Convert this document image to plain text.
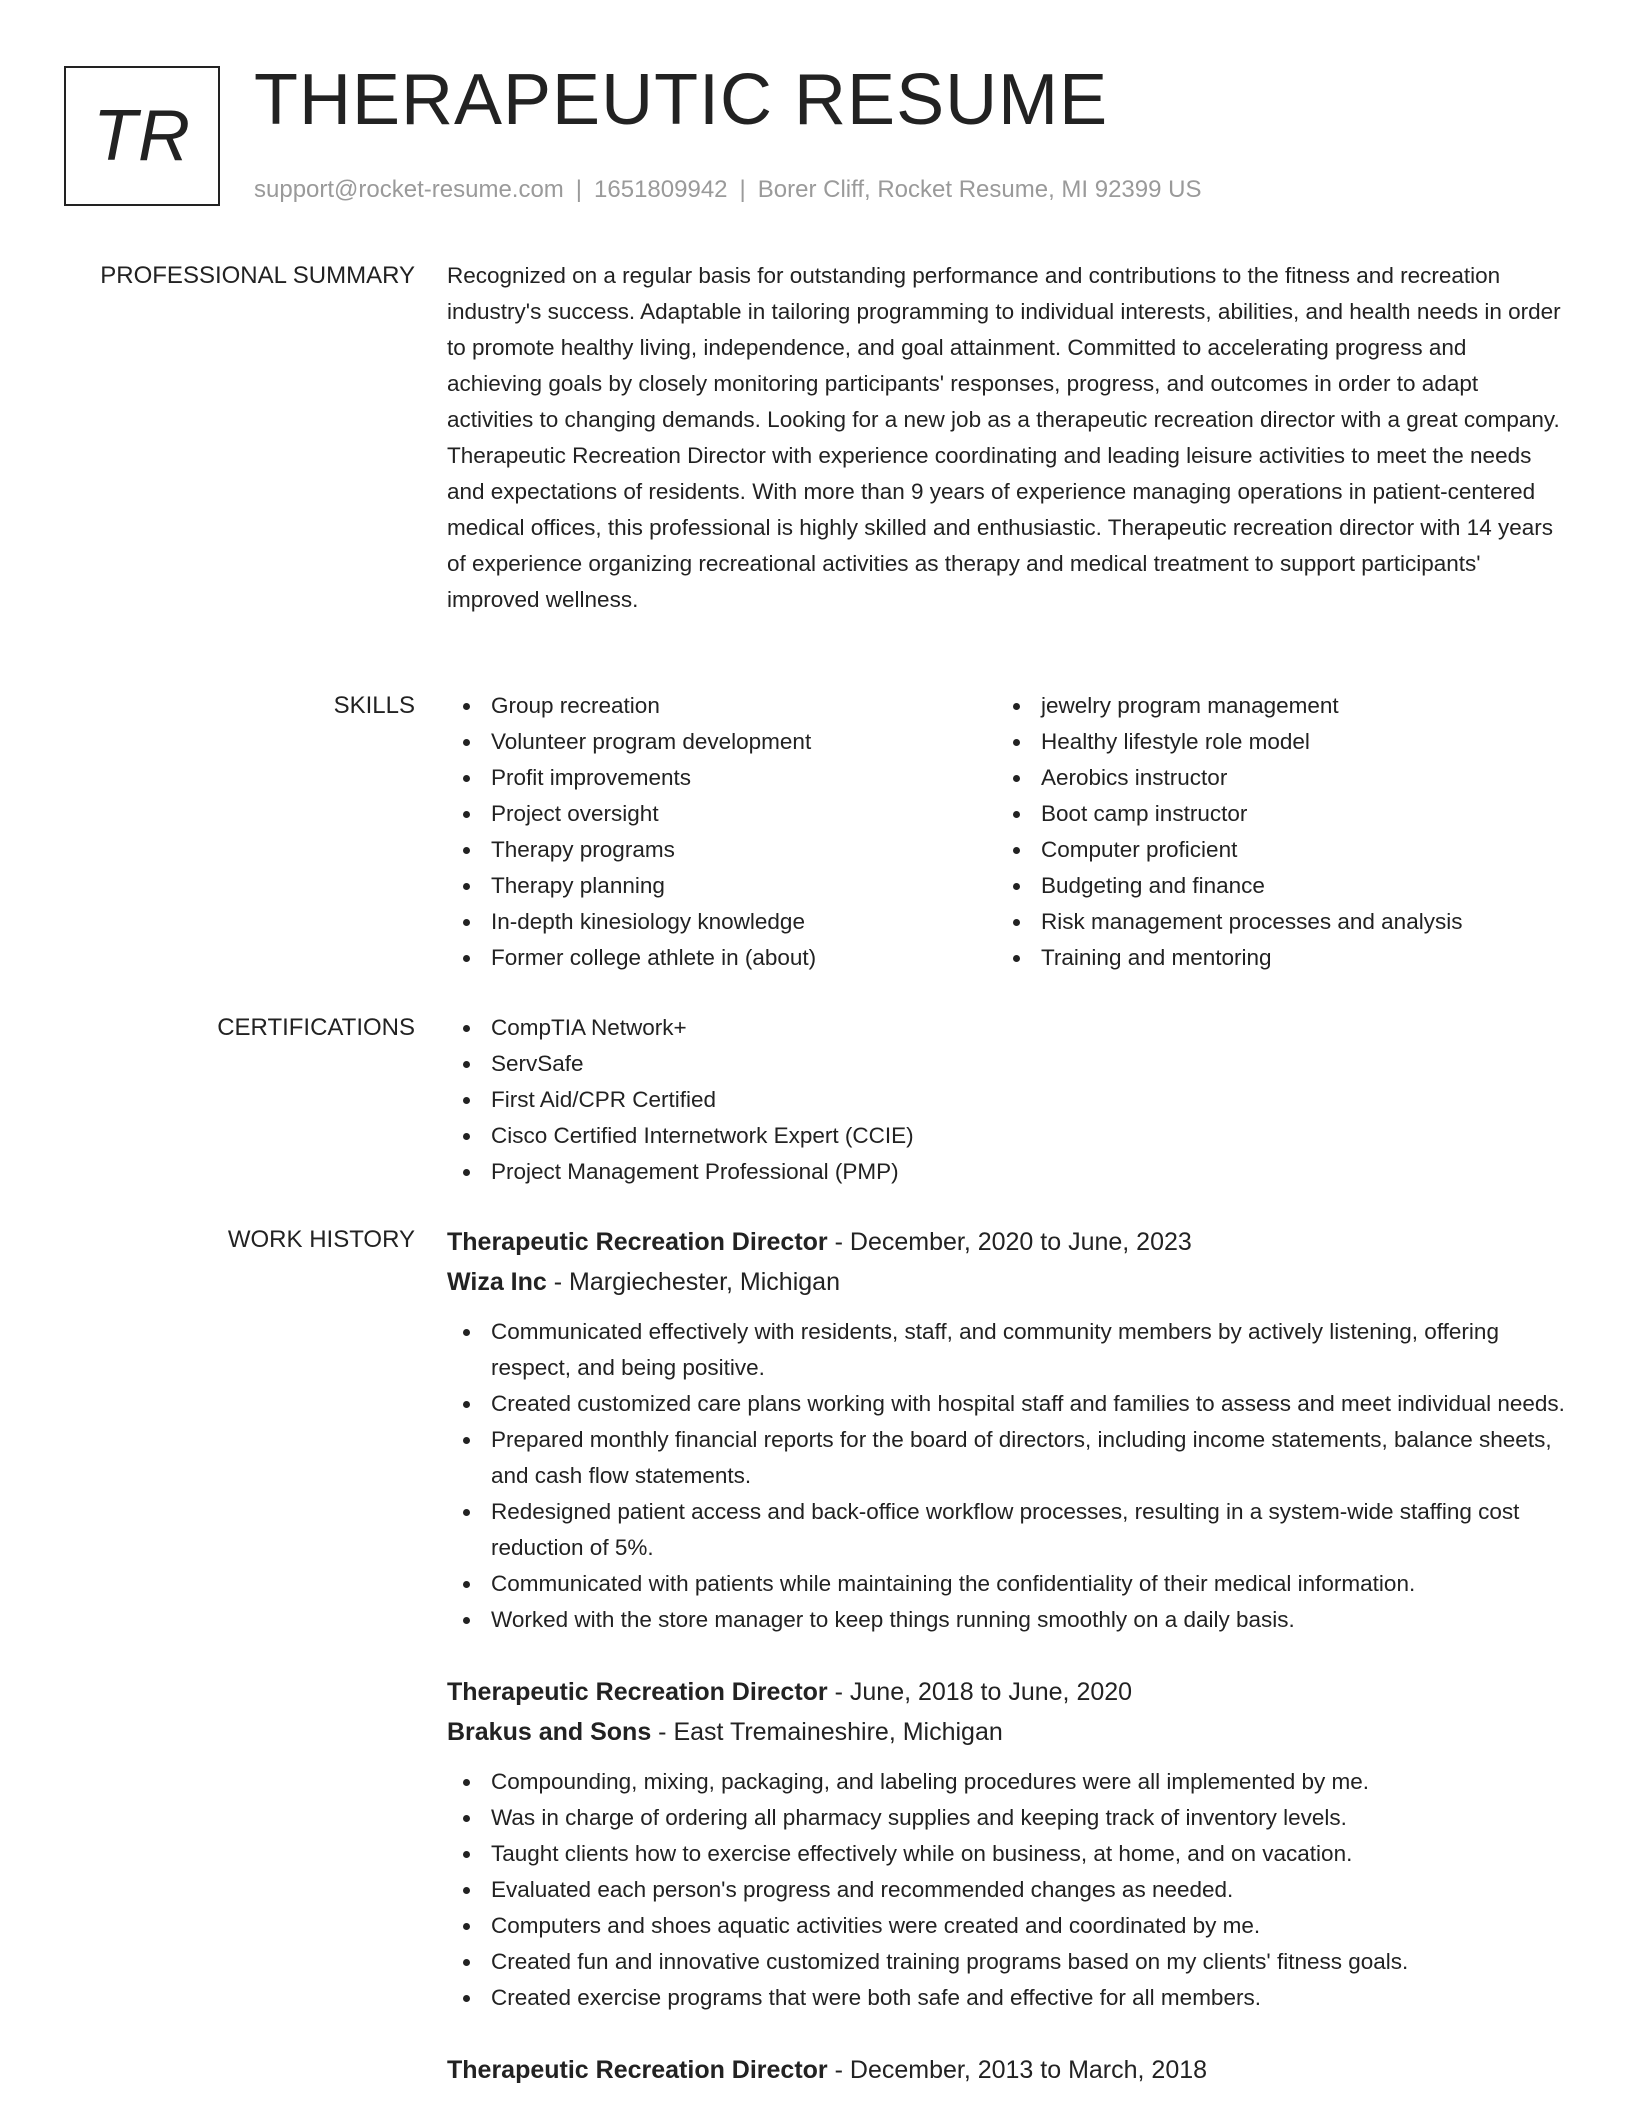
TR THERAPEUTIC RESUME
support@rocket-resume.com | 1651809942 | Borer Cliff, Rocket Resume, MI 92399 US
PROFESSIONAL SUMMARY Recognized on a regular basis for outstanding performance and contributions to the fitness and recreation industry's success. Adaptable in tailoring programming to individual interests, abilities, and health needs in order to promote healthy living, independence, and goal attainment. Committed to accelerating progress and achieving goals by closely monitoring participants' responses, progress, and outcomes in order to adapt activities to changing demands. Looking for a new job as a therapeutic recreation director with a great company. Therapeutic Recreation Director with experience coordinating and leading leisure activities to meet the needs and expectations of residents. With more than 9 years of experience managing operations in patient-centered medical offices, this professional is highly skilled and enthusiastic. Therapeutic recreation director with 14 years of experience organizing recreational activities as therapy and medical treatment to support participants' improved wellness.
SKILLS	Group recreation
Volunteer program development
Profit improvements
Project oversight
Therapy programs
Therapy planning
In-depth kinesiology knowledge
Former college athlete in (about)
jewelry program management
Healthy lifestyle role model
Aerobics instructor
Boot camp instructor
Computer proficient
Budgeting and finance
Risk management processes and analysis
Training and mentoring
CERTIFICATIONS	CompTIA Network+
ServSafe
First Aid/CPR Certified
Cisco Certified Internetwork Expert (CCIE)
Project Management Professional (PMP)
WORK HISTORY Therapeutic Recreation Director - December, 2020 to June, 2023
Wiza Inc - Margiechester, Michigan
Communicated effectively with residents, staff, and community members by actively listening, offering respect, and being positive.
Created customized care plans working with hospital staff and families to assess and meet individual needs.
Prepared monthly financial reports for the board of directors, including income statements, balance sheets, and cash flow statements.
Redesigned patient access and back-office workflow processes, resulting in a system-wide staffing cost reduction of 5%.
Communicated with patients while maintaining the confidentiality of their medical information.
Worked with the store manager to keep things running smoothly on a daily basis.
Therapeutic Recreation Director - June, 2018 to June, 2020
Brakus and Sons - East Tremaineshire, Michigan
Compounding, mixing, packaging, and labeling procedures were all implemented by me.
Was in charge of ordering all pharmacy supplies and keeping track of inventory levels.
Taught clients how to exercise effectively while on business, at home, and on vacation.
Evaluated each person's progress and recommended changes as needed.
Computers and shoes aquatic activities were created and coordinated by me.
Created fun and innovative customized training programs based on my clients' fitness goals.
Created exercise programs that were both safe and effective for all members.
Therapeutic Recreation Director - December, 2013 to March, 2018
